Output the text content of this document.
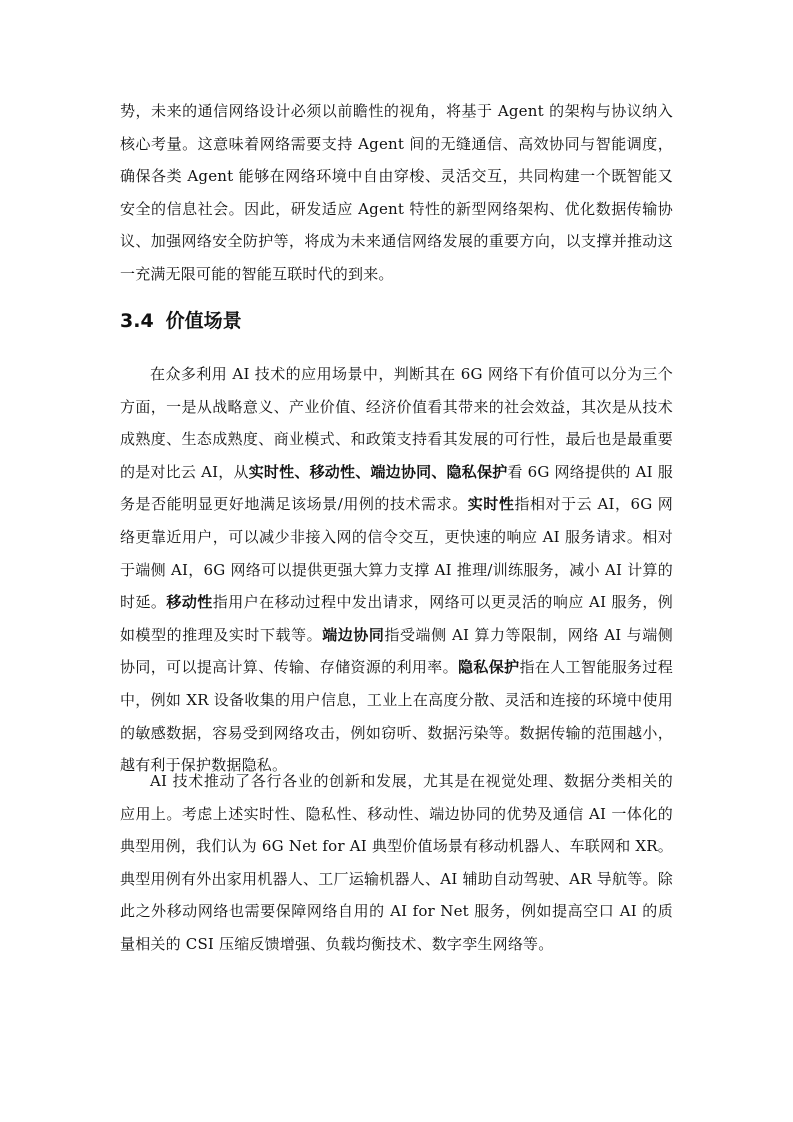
势，未来的通信网络设计必须以前瞻性的视角，将基于 Agent 的架构与协议纳入核心考量。这意味着网络需要支持 Agent 间的无缝通信、高效协同与智能调度，确保各类 Agent 能够在网络环境中自由穿梭、灵活交互，共同构建一个既智能又安全的信息社会。因此，研发适应 Agent 特性的新型网络架构、优化数据传输协议、加强网络安全防护等，将成为未来通信网络发展的重要方向，以支撑并推动这一充满无限可能的智能互联时代的到来。
3.4 价值场景
在众多利用 AI 技术的应用场景中，判断其在 6G 网络下有价值可以分为三个方面，一是从战略意义、产业价值、经济价值看其带来的社会效益，其次是从技术成熟度、生态成熟度、商业模式、和政策支持看其发展的可行性，最后也是最重要的是对比云 AI，从实时性、移动性、端边协同、隐私保护看 6G 网络提供的 AI 服务是否能明显更好地满足该场景/用例的技术需求。实时性指相对于云 AI，6G 网络更靠近用户，可以减少非接入网的信令交互，更快速的响应 AI 服务请求。相对于端侧 AI，6G 网络可以提供更强大算力支撑 AI 推理/训练服务，减小 AI 计算的时延。移动性指用户在移动过程中发出请求，网络可以更灵活的响应 AI 服务，例如模型的推理及实时下载等。端边协同指受端侧 AI 算力等限制，网络 AI 与端侧协同，可以提高计算、传输、存储资源的利用率。隐私保护指在人工智能服务过程中，例如 XR 设备收集的用户信息，工业上在高度分散、灵活和连接的环境中使用的敏感数据，容易受到网络攻击，例如窃听、数据污染等。数据传输的范围越小，越有利于保护数据隐私。
AI 技术推动了各行各业的创新和发展，尤其是在视觉处理、数据分类相关的应用上。考虑上述实时性、隐私性、移动性、端边协同的优势及通信 AI 一体化的典型用例，我们认为 6G Net for AI 典型价值场景有移动机器人、车联网和 XR。典型用例有外出家用机器人、工厂运输机器人、AI 辅助自动驾驶、AR 导航等。除此之外移动网络也需要保障网络自用的 AI for Net 服务，例如提高空口 AI 的质量相关的 CSI 压缩反馈增强、负载均衡技术、数字孪生网络等。
